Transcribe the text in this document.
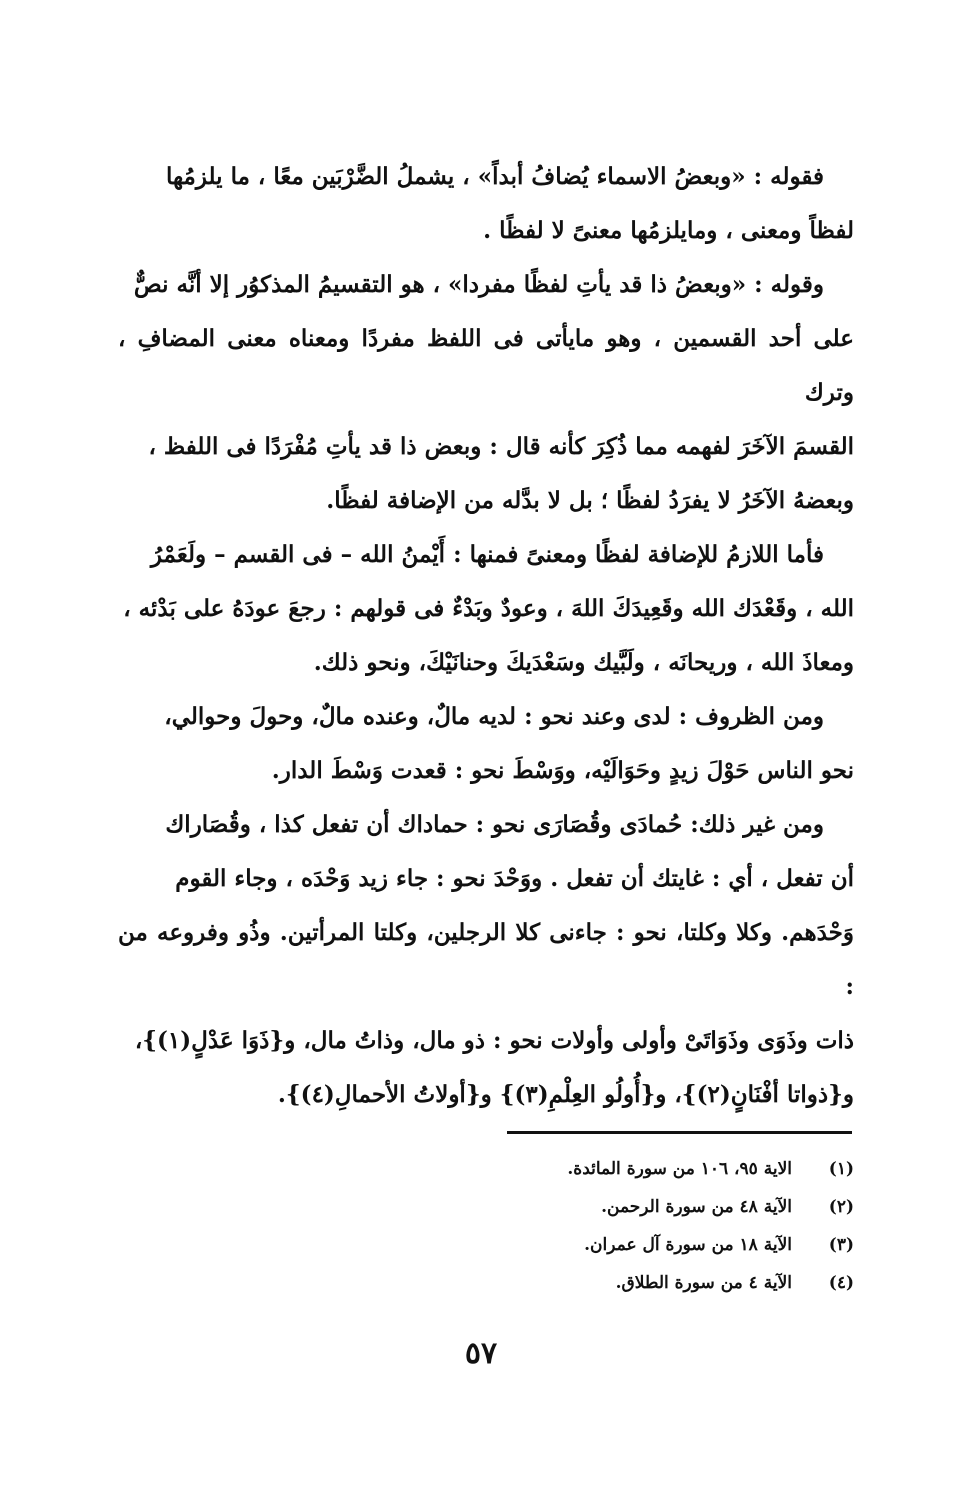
فقوله : «وبعضُ الاسماء يُضافُ أبداً» ، يشملُ الضَّرْبَين معًا ، ما يلزمُها
لفظاً ومعنى ، ومايلزمُها معنىً لا لفظًا .

وقوله : «وبعضُ ذا قد يأتِ لفظًا مفردا» ، هو التقسيمُ المذكوُر إلا أنَّه نصٌّ
على أحد القسمين ، وهو مايأتى فى اللفظ مفردًا ومعناه معنى المضافِ ، وترك
القسمَ الآخَرَ لفهمه مما ذُكِرَ كأنه قال : وبعض ذا قد يأتِ مُفْرَدًا فى اللفظ ،
وبعضهُ الآخَرُ لا يفرَدُ لفظًا ؛ بل لا بدَّله من الإضافة لفظًا.

فأما اللازمُ للإضافة لفظًا ومعنىً فمنها : أَيْمنُ الله – فى القسم – ولَعَمْرُ
الله ، وقَعْدَك الله وقَعِيدَكَ اللهَ ، وعودٌ وبَدْءٌ فى قولهم : رجعَ عودَهُ على بَدْئه ،
ومعاذَ الله ، وريحانَه ، ولَبَّيك وسَعْدَيكَ وحنانَيْكَ، ونحو ذلك.

ومن الظروف : لدى وعند نحو : لديه مالٌ، وعنده مالٌ، وحولَ وحوالي،
نحو الناس حَوْلَ زيدٍ وحَوَالَيْه، ووَسْطَ نحو : قعدت وَسْطَ الدار.

ومن غير ذلك: حُمادَى وقُصَارَى نحو : حماداك أن تفعل كذا ، وقُصَاراك
أن تفعل ، أي : غايتك أن تفعل . ووَحْدَ نحو : جاء زيد وَحْدَه ، وجاء القوم
وَحْدَهم. وكلا وكلتا، نحو : جاءنى كلا الرجلين، وكلتا المرأتين. وذُو وفروعه من :
ذات وذَوَى وذَوَاتَىْ وأولى وأولات نحو : ذو مال، وذاتُ مال، و{ذَوَا عَدْلٍ(١)}،
و{ذواتا أفْنَانٍ(٢)}، و{أُولُو العِلْمِ(٣)} و{أولاتُ الأحمالِ(٤)}.

(١)
الاية ٩٥، ١٠٦ من سورة المائدة.
(٢)
الآية ٤٨ من سورة الرحمن.
(٣)
الآية ١٨ من سورة آل عمران.
(٤)
الآية ٤ من سورة الطلاق.
٥٧
